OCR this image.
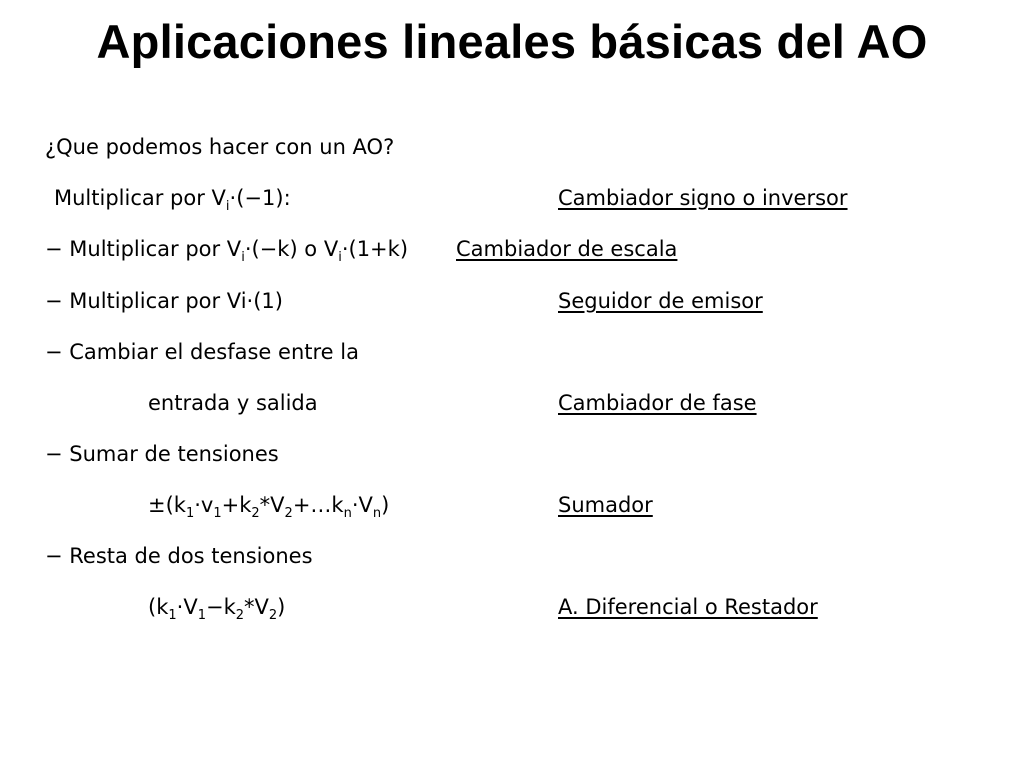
Aplicaciones lineales básicas del AO
¿Que podemos hacer con un AO?
Multiplicar por $V_i\cdot(-1)$:	Cambiador signo o inversor
− Multiplicar por $V_i\cdot(-k)$ o $V_i\cdot(1+k)$ Cambiador de escala
− Multiplicar por Vi·(1)	Seguidor de emisor
− Cambiar el desfase entre la
entrada y salida	Cambiador de fase
− Sumar de tensiones
$\pm(k_1\cdot v_1+k_2*V_2+\dots k_n\cdot V_n)$	Sumador
− Resta de dos tensiones
$(k_1\cdot V_1-k_2*V_2)$	A. Diferencial o Restador
